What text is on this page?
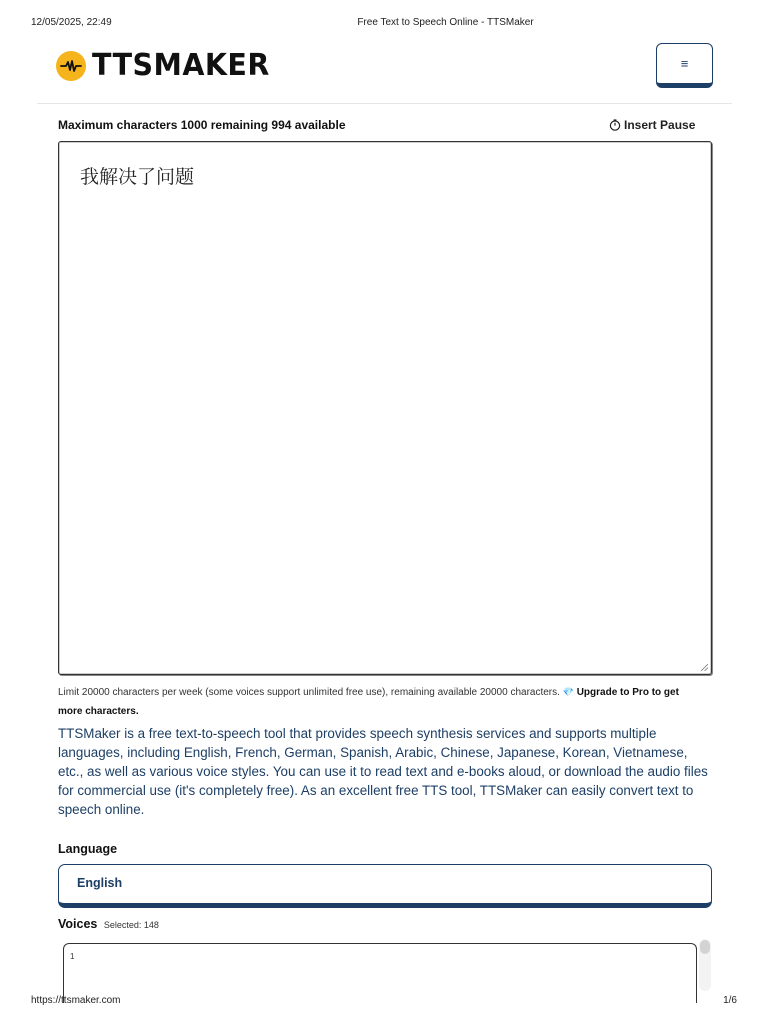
12/05/2025, 22:49	Free Text to Speech Online - TTSMaker
TTSMAKER	≡
Maximum characters 1000 remaining 994 available	Insert Pause
我解决了问题
Limit 20000 characters per week (some voices support unlimited free use), remaining available 20000 characters. 💎 Upgrade to Pro to get more characters.

TTSMaker is a free text-to-speech tool that provides speech synthesis services and supports multiple languages, including English, French, German, Spanish, Arabic, Chinese, Japanese, Korean, Vietnamese, etc., as well as various voice styles. You can use it to read text and e-books aloud, or download the audio files for commercial use (it's completely free). As an excellent free TTS tool, TTSMaker can easily convert text to speech online.

Language
English
Voices Selected: 148
1
https://ttsmaker.com	1/6
